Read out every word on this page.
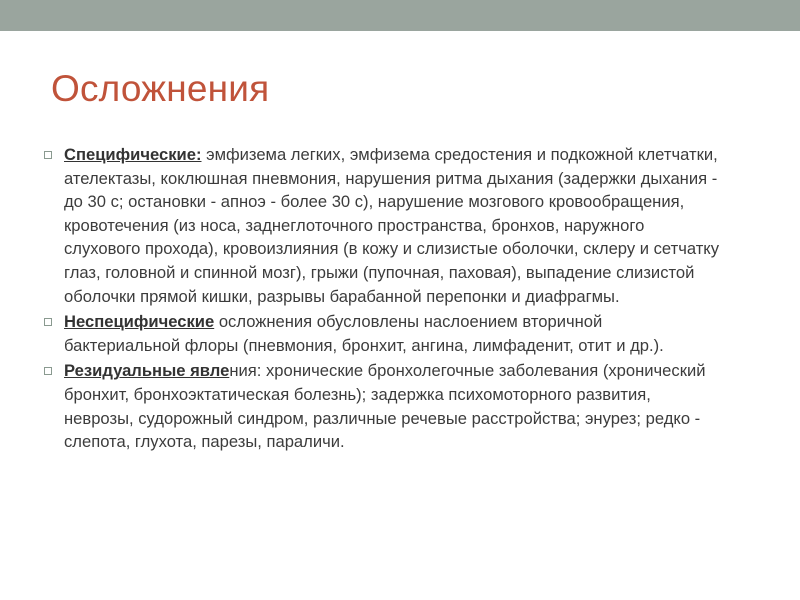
Осложнения
Специфические: эмфизема легких, эмфизема средостения и подкожной клетчатки, ателектазы, коклюшная пневмония, нарушения ритма дыхания (задержки дыхания - до 30 с; остановки - апноэ - более 30 с), нарушение мозгового кровообращения, кровотечения (из носа, заднеглоточного пространства, бронхов, наружного слухового прохода), кровоизлияния (в кожу и слизистые оболочки, склеру и сетчатку глаз, головной и спинной мозг), грыжи (пупочная, паховая), выпадение слизистой оболочки прямой кишки, разрывы барабанной перепонки и диафрагмы.
Неспецифические осложнения обусловлены наслоением вторичной бактериальной флоры (пневмония, бронхит, ангина, лимфаденит, отит и др.).
Резидуальные явления: хронические бронхолегочные заболевания (хронический бронхит, бронхоэктатическая болезнь); задержка психомоторного развития, неврозы, судорожный синдром, различные речевые расстройства; энурез; редко - слепота, глухота, парезы, параличи.
